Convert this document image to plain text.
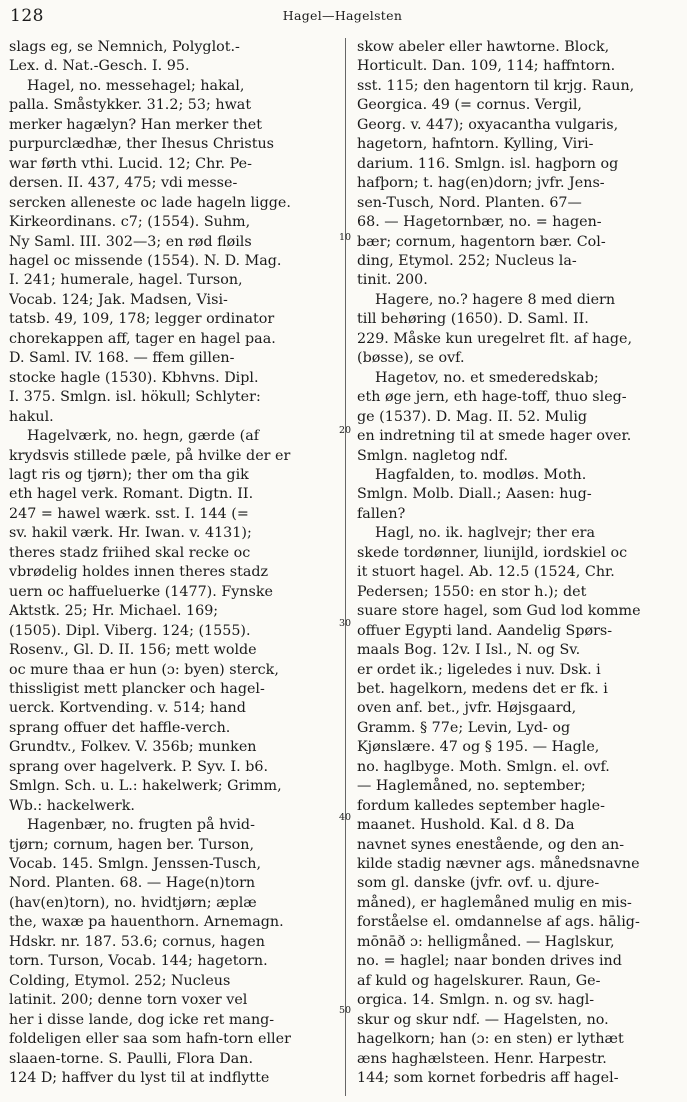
128	Hagel—Hagelsten
slags eg, se Nemnich, Polyglot.-
Lex. d. Nat.-Gesch. I. 95.
Hagel, no. messehagel; hakal,
palla. Småstykker. 31.2; 53; hwat
merker hagælyn? Han merker thet
purpurclædhæ, ther Ihesus Christus
war førth vthi. Lucid. 12; Chr. Pe-
dersen. II. 437, 475; vdi messe-
sercken alleneste oc lade hageln ligge.
Kirkeordinans. c7; (1554). Suhm,
Ny Saml. III. 302—3; en rød fløils
hagel oc missende (1554). N. D. Mag.
I. 241; humerale, hagel. Turson,
Vocab. 124; Jak. Madsen, Visi-
tatsb. 49, 109, 178; legger ordinator
chorekappen aff, tager en hagel paa.
D. Saml. IV. 168. — ffem gillen-
stocke hagle (1530). Kbhvns. Dipl.
I. 375. Smlgn. isl. hökull; Schlyter:
hakul.
Hagelværk, no. hegn, gærde (af
krydsvis stillede pæle, på hvilke der er
lagt ris og tjørn); ther om tha gik
eth hagel verk. Romant. Digtn. II.
247 = hawel wærk. sst. I. 144 (=
sv. hakil værk. Hr. Iwan. v. 4131);
theres stadz friihed skal recke oc
vbrødelig holdes innen theres stadz
uern oc haffueluerke (1477). Fynske
Aktstk. 25; Hr. Michael. 169;
(1505). Dipl. Viberg. 124; (1555).
Rosenv., Gl. D. II. 156; mett wolde
oc mure thaa er hun (ɔ: byen) sterck,
thissligist mett plancker och hagel-
uerck. Kortvending. v. 514; hand
sprang offuer det haffle-verch.
Grundtv., Folkev. V. 356b; munken
sprang over hagelverk. P. Syv. I. b6.
Smlgn. Sch. u. L.: hakelwerk; Grimm,
Wb.: hackelwerk.
Hagenbær, no. frugten på hvid-
tjørn; cornum, hagen ber. Turson,
Vocab. 145. Smlgn. Jenssen-Tusch,
Nord. Planten. 68. — Hage(n)torn
(hav(en)torn), no. hvidtjørn; æplæ
the, waxæ pa hauenthorn. Arnemagn.
Hdskr. nr. 187. 53.6; cornus, hagen
torn. Turson, Vocab. 144; hagetorn.
Colding, Etymol. 252; Nucleus
latinit. 200; denne torn voxer vel
her i disse lande, dog icke ret mang-
foldeligen eller saa som hafn-torn eller
slaaen-torne. S. Paulli, Flora Dan.
124 D; haffver du lyst til at indflytte
skow abeler eller hawtorne. Block,
Horticult. Dan. 109, 114; haffntorn.
sst. 115; den hagentorn til krjg. Raun,
Georgica. 49 (= cornus. Vergil,
Georg. v. 447); oxyacantha vulgaris,
hagetorn, hafntorn. Kylling, Viri-
darium. 116. Smlgn. isl. hagþorn og
hafþorn; t. hag(en)dorn; jvfr. Jens-
sen-Tusch, Nord. Planten. 67—
68. — Hagetornbær, no. = hagen-
bær; cornum, hagentorn bær. Col-
ding, Etymol. 252; Nucleus la-
tinit. 200.
Hagere, no.? hagere 8 med diern
till behøring (1650). D. Saml. II.
229. Måske kun uregelret flt. af hage,
(bøsse), se ovf.
Hagetov, no. et smederedskab;
eth øge jern, eth hage-toff, thuo sleg-
ge (1537). D. Mag. II. 52. Mulig
en indretning til at smede hager over.
Smlgn. nagletog ndf.
Hagfalden, to. modløs. Moth.
Smlgn. Molb. Diall.; Aasen: hug-
fallen?
Hagl, no. ik. haglvejr; ther era
skede tordønner, liunijld, iordskiel oc
it stuort hagel. Ab. 12.5 (1524, Chr.
Pedersen; 1550: en stor h.); det
suare store hagel, som Gud lod komme
offuer Egypti land. Aandelig Spørs-
maals Bog. 12v. I Isl., N. og Sv.
er ordet ik.; ligeledes i nuv. Dsk. i
bet. hagelkorn, medens det er fk. i
oven anf. bet., jvfr. Højsgaard,
Gramm. § 77e; Levin, Lyd- og
Kjønslære. 47 og § 195. — Hagle,
no. haglbyge. Moth. Smlgn. el. ovf.
— Haglemåned, no. september;
fordum kalledes september hagle-
maanet. Hushold. Kal. d 8. Da
navnet synes enestående, og den an-
kilde stadig nævner ags. månedsnavne
som gl. danske (jvfr. ovf. u. djure-
måned), er haglemåned mulig en mis-
forståelse el. omdannelse af ags. hālig-
mōnāð ɔ: helligmåned. — Haglskur,
no. = haglel; naar bonden drives ind
af kuld og hagelskurer. Raun, Ge-
orgica. 14. Smlgn. n. og sv. hagl-
skur og skur ndf. — Hagelsten, no.
hagelkorn; han (ɔ: en sten) er lythæt
æns haghælsteen. Henr. Harpestr.
144; som kornet forbedris aff hagel-
10
20
30
40
50
